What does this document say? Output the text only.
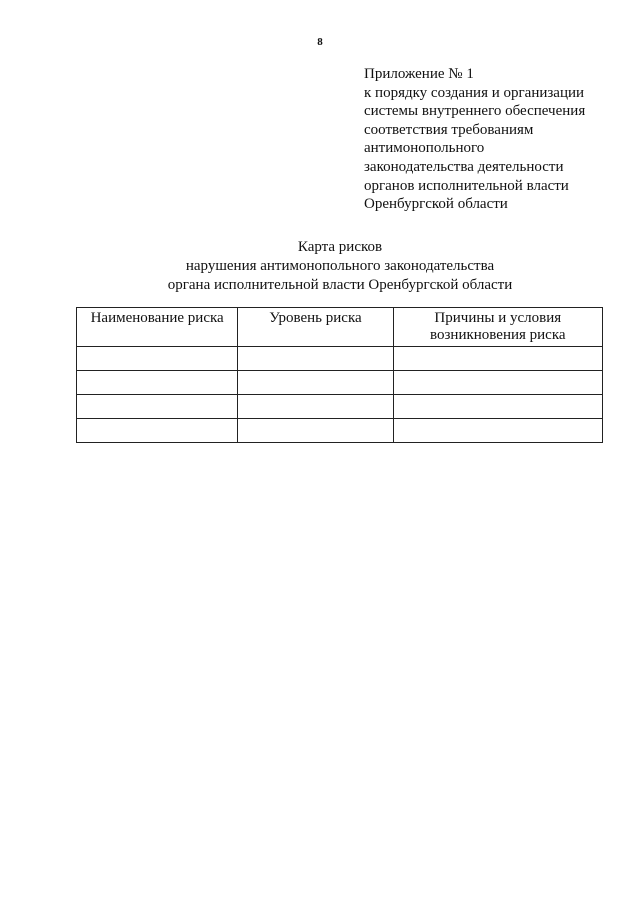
8
Приложение № 1
к порядку создания и организации
системы внутреннего обеспечения
соответствия требованиям
антимонопольного
законодательства деятельности
органов исполнительной власти
Оренбургской области
Карта рисков
нарушения антимонопольного законодательства
органа исполнительной власти Оренбургской области
Наименование риска	Уровень риска	Причины и условия возникновения риска
